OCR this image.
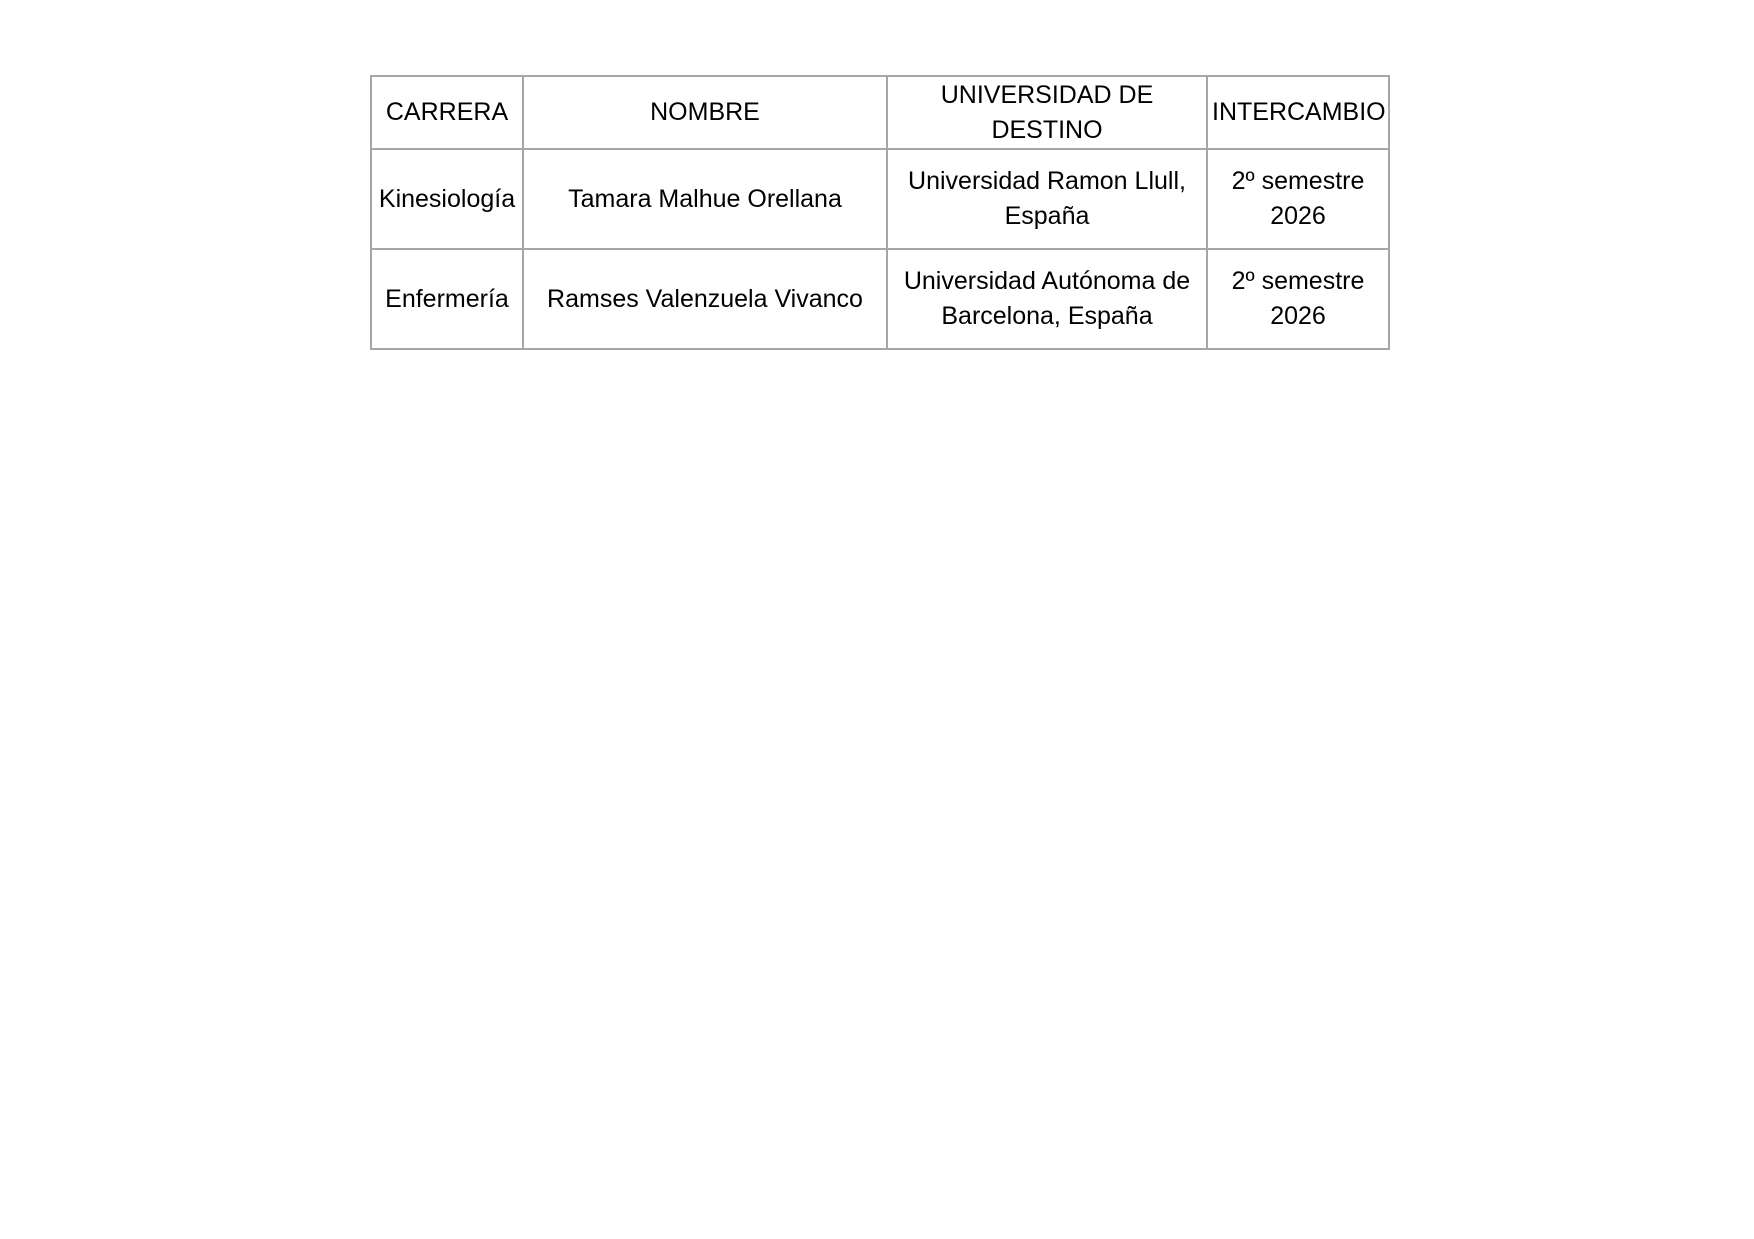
CARRERA	NOMBRE	UNIVERSIDAD DE DESTINO	INTERCAMBIO
Kinesiología	Tamara Malhue Orellana	Universidad Ramon Llull, España	2º semestre 2026
Enfermería	Ramses Valenzuela Vivanco	Universidad Autónoma de Barcelona, España	2º semestre 2026
